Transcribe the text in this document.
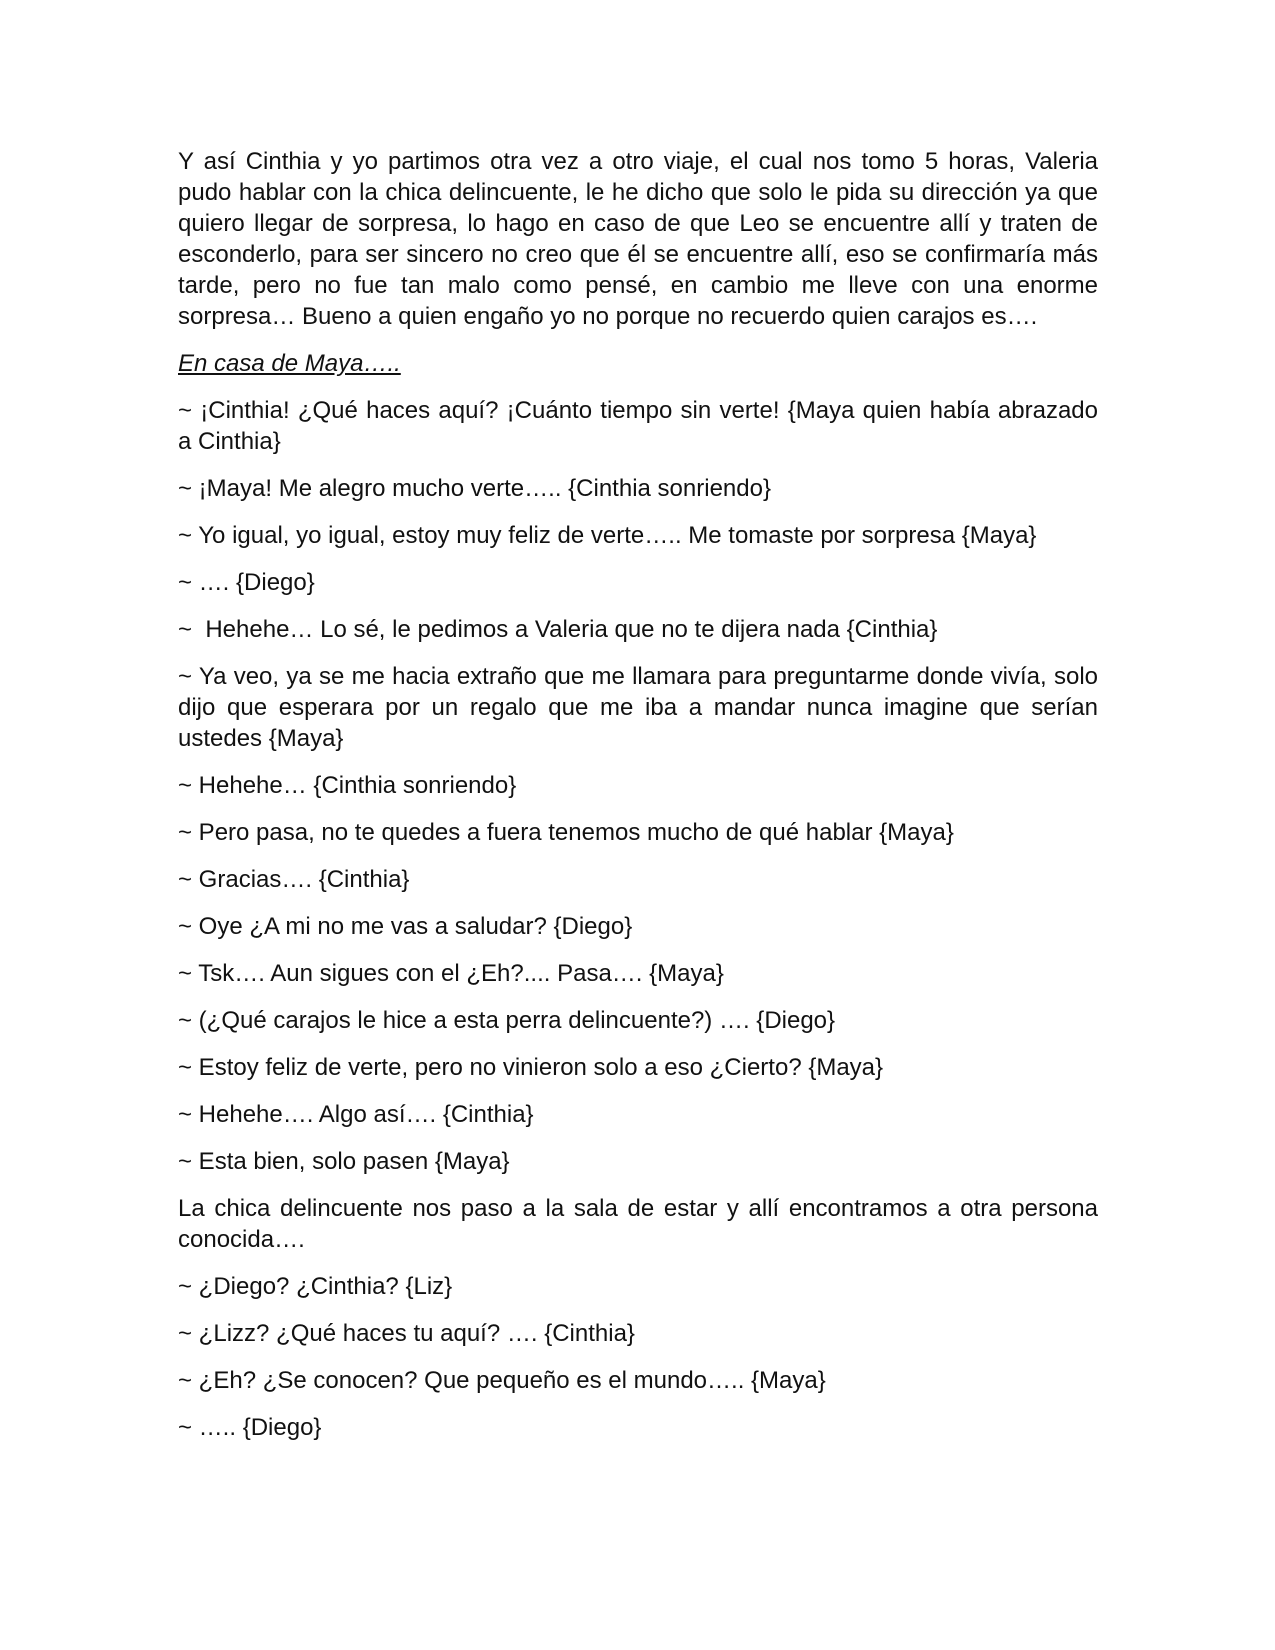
Y así Cinthia y yo partimos otra vez a otro viaje, el cual nos tomo 5 horas, Valeria pudo hablar con la chica delincuente, le he dicho que solo le pida su dirección ya que quiero llegar de sorpresa, lo hago en caso de que Leo se encuentre allí y traten de esconderlo, para ser sincero no creo que él se encuentre allí, eso se confirmaría más tarde, pero no fue tan malo como pensé, en cambio me lleve con una enorme sorpresa… Bueno a quien engaño yo no porque no recuerdo quien carajos es….

En casa de Maya…..

~ ¡Cinthia! ¿Qué haces aquí? ¡Cuánto tiempo sin verte! {Maya quien había abrazado a Cinthia}

~ ¡Maya! Me alegro mucho verte….. {Cinthia sonriendo}

~ Yo igual, yo igual, estoy muy feliz de verte….. Me tomaste por sorpresa {Maya}

~ …. {Diego}

~  Hehehe… Lo sé, le pedimos a Valeria que no te dijera nada {Cinthia}

~ Ya veo, ya se me hacia extraño que me llamara para preguntarme donde vivía, solo dijo que esperara por un regalo que me iba a mandar nunca imagine que serían ustedes {Maya}

~ Hehehe… {Cinthia sonriendo}

~ Pero pasa, no te quedes a fuera tenemos mucho de qué hablar {Maya}

~ Gracias…. {Cinthia}

~ Oye ¿A mi no me vas a saludar? {Diego}

~ Tsk…. Aun sigues con el ¿Eh?.... Pasa…. {Maya}

~ (¿Qué carajos le hice a esta perra delincuente?) …. {Diego}

~ Estoy feliz de verte, pero no vinieron solo a eso ¿Cierto? {Maya}

~ Hehehe…. Algo así…. {Cinthia}

~ Esta bien, solo pasen {Maya}

La chica delincuente nos paso a la sala de estar y allí encontramos a otra persona conocida….

~ ¿Diego? ¿Cinthia? {Liz}

~ ¿Lizz? ¿Qué haces tu aquí? …. {Cinthia}

~ ¿Eh? ¿Se conocen? Que pequeño es el mundo….. {Maya}

~ ….. {Diego}
